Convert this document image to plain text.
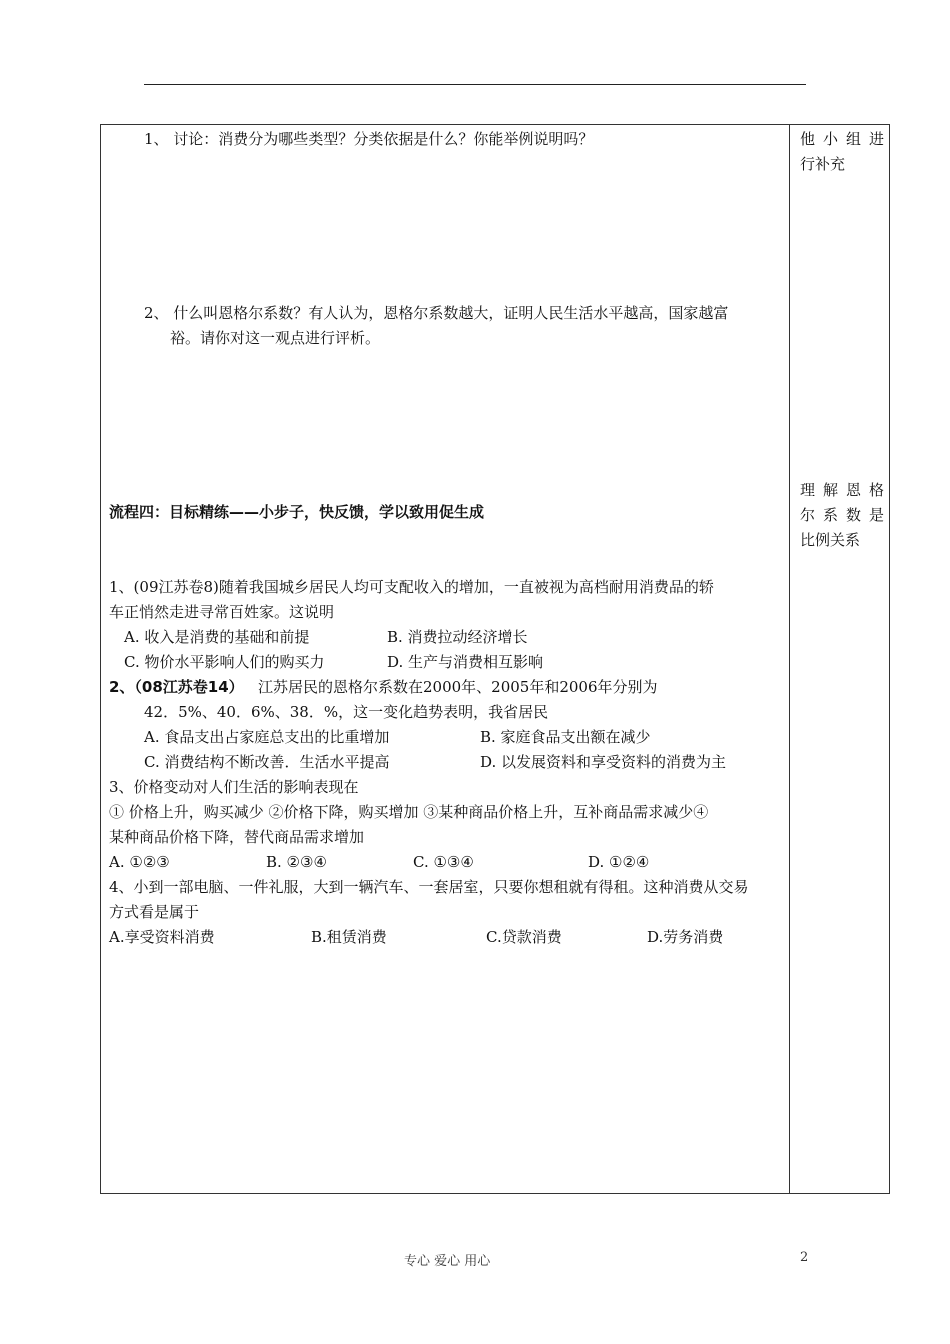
1、 讨论：消费分为哪些类型？分类依据是什么？你能举例说明吗？
2、 什么叫恩格尔系数？有人认为，恩格尔系数越大，证明人民生活水平越高，国家越富
裕。请你对这一观点进行评析。
他 小 组 进
行补充
理 解 恩 格
尔 系 数 是
比例关系
流程四：目标精练——小步子，快反馈，学以致用促生成
1、(09江苏卷8)随着我国城乡居民人均可支配收入的增加，一直被视为高档耐用消费品的轿
车正悄然走进寻常百姓家。这说明
A. 收入是消费的基础和前提	B. 消费拉动经济增长
C. 物价水平影响人们的购买力	D. 生产与消费相互影响
2、（08江苏卷14） 江苏居民的恩格尔系数在2000年、2005年和2006年分别为
42．5%、40．6%、38．%，这一变化趋势表明，我省居民
A. 食品支出占家庭总支出的比重增加	B. 家庭食品支出额在减少
C. 消费结构不断改善．生活水平提高	D. 以发展资料和享受资料的消费为主
3、价格变动对人们生活的影响表现在
① 价格上升，购买减少 ②价格下降，购买增加 ③某种商品价格上升，互补商品需求减少④
某种商品价格下降，替代商品需求增加
A. ①②③	B. ②③④	C. ①③④	D. ①②④
4、小到一部电脑、一件礼服，大到一辆汽车、一套居室，只要你想租就有得租。这种消费从交易
方式看是属于
A.享受资料消费	B.租赁消费	C.贷款消费	D.劳务消费
专心 爱心 用心	2
